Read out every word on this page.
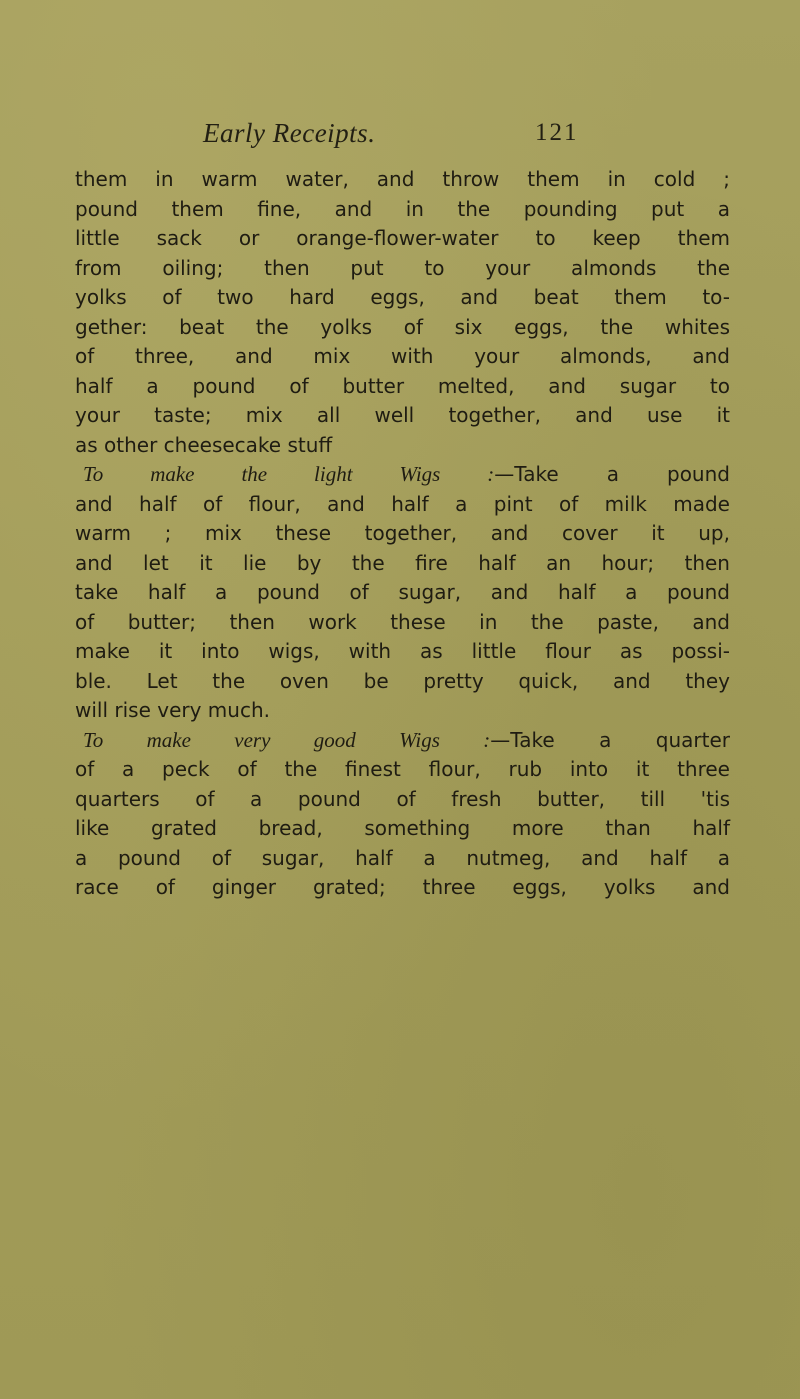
Early Receipts.	121
them in warm water, and throw them in cold ;
pound them fine, and in the pounding put a
little sack or orange-flower-water to keep them
from oiling; then put to your almonds the
yolks of two hard eggs, and beat them to-
gether: beat the yolks of six eggs, the whites
of three, and mix with your almonds, and
half a pound of butter melted, and sugar to
your taste; mix all well together, and use it
as other cheesecake stuff
To make the light Wigs :—Take a pound
and half of flour, and half a pint of milk made
warm ; mix these together, and cover it up,
and let it lie by the fire half an hour; then
take half a pound of sugar, and half a pound
of butter; then work these in the paste, and
make it into wigs, with as little flour as possi-
ble. Let the oven be pretty quick, and they
will rise very much.
To make very good Wigs :—Take a quarter
of a peck of the finest flour, rub into it three
quarters of a pound of fresh butter, till 'tis
like grated bread, something more than half
a pound of sugar, half a nutmeg, and half a
race of ginger grated; three eggs, yolks and
